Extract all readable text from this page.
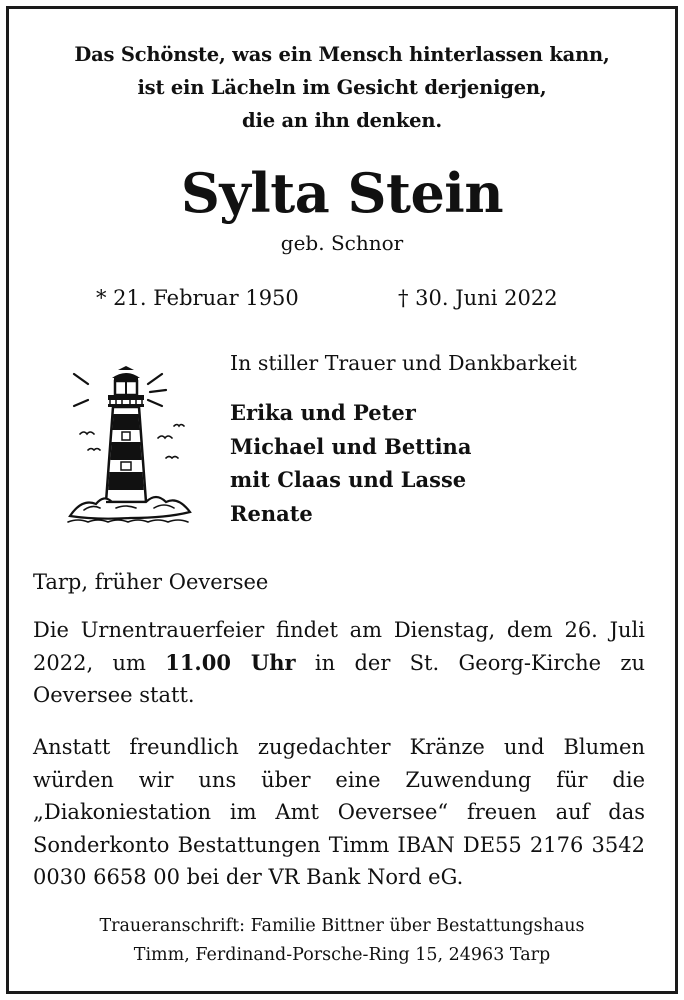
Das Schönste, was ein Mensch hinterlassen kann,
ist ein Lächeln im Gesicht derjenigen,
die an ihn denken.
Sylta Stein
geb. Schnor
* 21. Februar 1950	† 30. Juni 2022
In stiller Trauer und Dankbarkeit
Erika und Peter
Michael und Bettina
mit Claas und Lasse
Renate
Tarp, früher Oeversee
Die Urnentrauerfeier findet am Dienstag, dem 26. Juli 2022, um 11.00 Uhr in der St. Georg-Kirche zu Oeversee statt.
Anstatt freundlich zugedachter Kränze und Blumen würden wir uns über eine Zuwendung für die „Diakoniestation im Amt Oeversee“ freuen auf das Sonderkonto Bestattungen Timm IBAN DE55 2176 3542 0030 6658 00 bei der VR Bank Nord eG.
Traueranschrift: Familie Bittner über Bestattungshaus
Timm, Ferdinand-Porsche-Ring 15, 24963 Tarp
